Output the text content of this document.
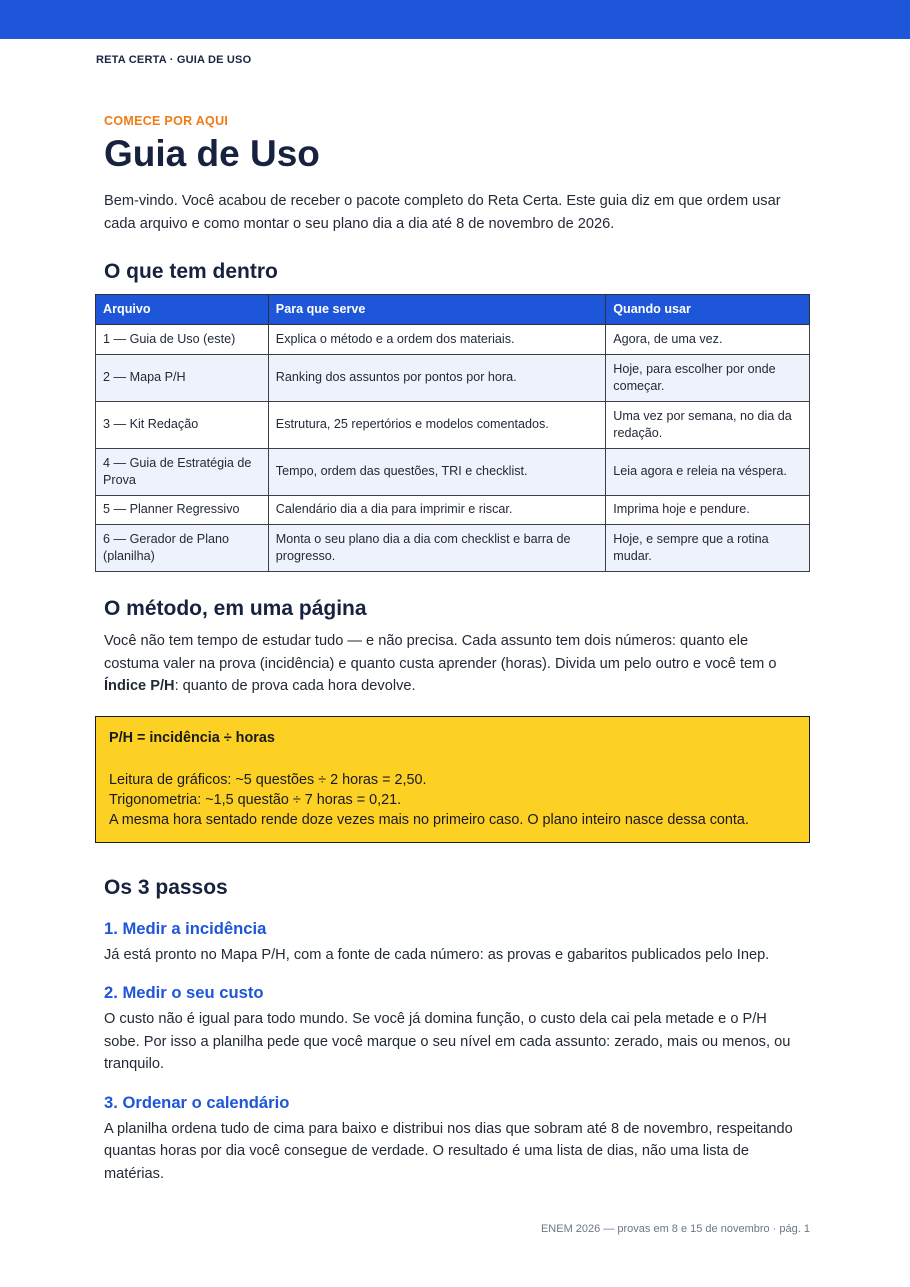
RETA CERTA · GUIA DE USO
COMECE POR AQUI
Guia de Uso

Bem-vindo. Você acabou de receber o pacote completo do Reta Certa. Este guia diz em que ordem usar cada arquivo e como montar o seu plano dia a dia até 8 de novembro de 2026.

O que tem dentro
Arquivo	Para que serve	Quando usar
1 — Guia de Uso (este)	Explica o método e a ordem dos materiais.	Agora, de uma vez.
2 — Mapa P/H	Ranking dos assuntos por pontos por hora.	Hoje, para escolher por onde começar.
3 — Kit Redação	Estrutura, 25 repertórios e modelos comentados.	Uma vez por semana, no dia da redação.
4 — Guia de Estratégia de Prova	Tempo, ordem das questões, TRI e checklist.	Leia agora e releia na véspera.
5 — Planner Regressivo	Calendário dia a dia para imprimir e riscar.	Imprima hoje e pendure.
6 — Gerador de Plano (planilha)	Monta o seu plano dia a dia com checklist e barra de progresso.	Hoje, e sempre que a rotina mudar.
O método, em uma página

Você não tem tempo de estudar tudo — e não precisa. Cada assunto tem dois números: quanto ele costuma valer na prova (incidência) e quanto custa aprender (horas). Divida um pelo outro e você tem o Índice P/H: quanto de prova cada hora devolve.

P/H = incidência ÷ horas
Leitura de gráficos: ~5 questões ÷ 2 horas = 2,50.
Trigonometria: ~1,5 questão ÷ 7 horas = 0,21.
A mesma hora sentado rende doze vezes mais no primeiro caso. O plano inteiro nasce dessa conta.
Os 3 passos
1. Medir a incidência

Já está pronto no Mapa P/H, com a fonte de cada número: as provas e gabaritos publicados pelo Inep.

2. Medir o seu custo

O custo não é igual para todo mundo. Se você já domina função, o custo dela cai pela metade e o P/H sobe. Por isso a planilha pede que você marque o seu nível em cada assunto: zerado, mais ou menos, ou tranquilo.

3. Ordenar o calendário

A planilha ordena tudo de cima para baixo e distribui nos dias que sobram até 8 de novembro, respeitando quantas horas por dia você consegue de verdade. O resultado é uma lista de dias, não uma lista de matérias.

ENEM 2026 — provas em 8 e 15 de novembro · pág. 1
